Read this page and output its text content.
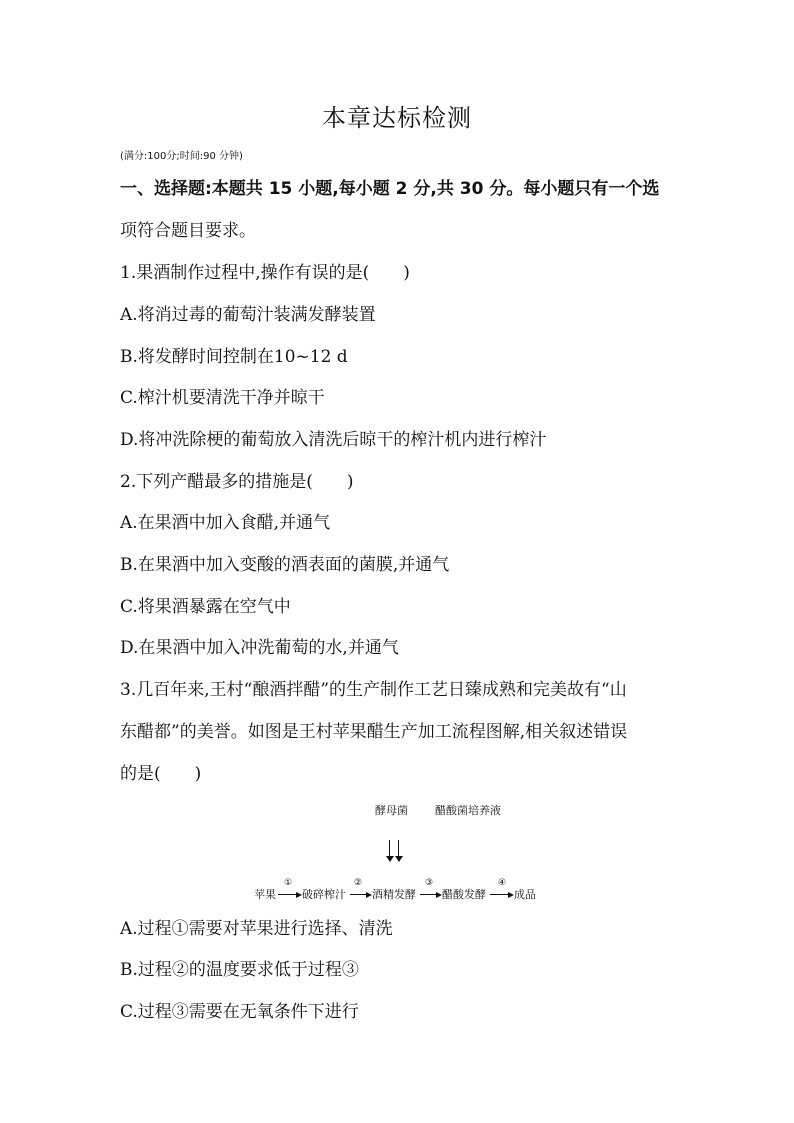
本章达标检测
(满分:100分;时间:90 分钟)
一、选择题:本题共 15 小题,每小题 2 分,共 30 分。每小题只有一个选
项符合题目要求。
1.果酒制作过程中,操作有误的是(　　)
A.将消过毒的葡萄汁装满发酵装置
B.将发酵时间控制在10~12 d
C.榨汁机要清洗干净并晾干
D.将冲洗除梗的葡萄放入清洗后晾干的榨汁机内进行榨汁
2.下列产醋最多的措施是(　　)
A.在果酒中加入食醋,并通气
B.在果酒中加入变酸的酒表面的菌膜,并通气
C.将果酒暴露在空气中
D.在果酒中加入冲洗葡萄的水,并通气
3.几百年来,王村“酿酒拌醋”的生产制作工艺日臻成熟和完美故有“山
东醋都”的美誉。如图是王村苹果醋生产加工流程图解,相关叙述错误
的是(　　)
酵母菌 醋酸菌培养液
苹果
①
破碎榨汁
②
酒精发酵
③
醋酸发酵
④
成品
A.过程①需要对苹果进行选择、清洗
B.过程②的温度要求低于过程③
C.过程③需要在无氧条件下进行
